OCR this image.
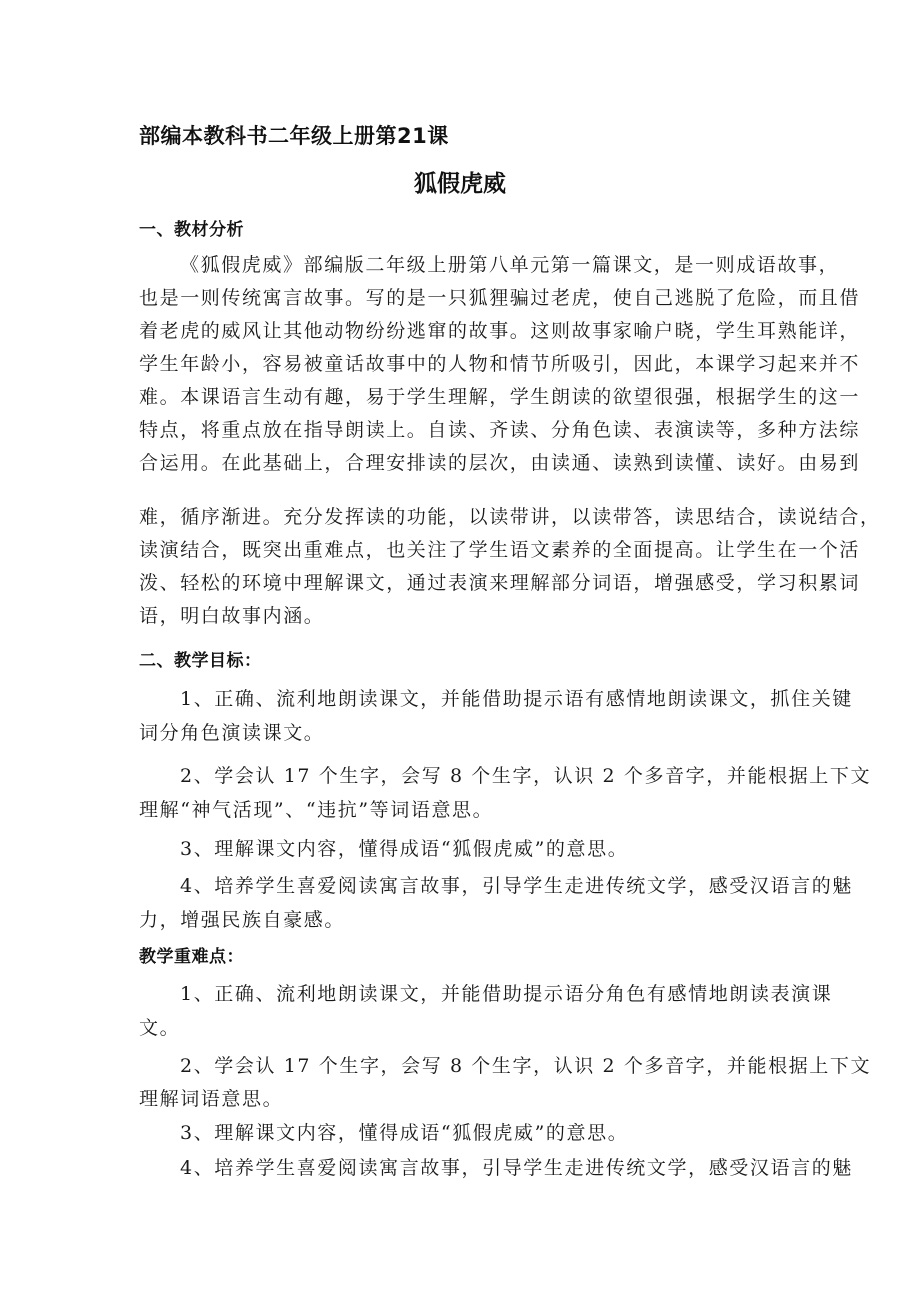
部编本教科书二年级上册第21课
狐假虎威
一、教材分析
《狐假虎威》部编版二年级上册第八单元第一篇课文，是一则成语故事，
也是一则传统寓言故事。写的是一只狐狸骗过老虎，使自己逃脱了危险，而且借
着老虎的威风让其他动物纷纷逃窜的故事。这则故事家喻户晓，学生耳熟能详，
学生年龄小，容易被童话故事中的人物和情节所吸引，因此，本课学习起来并不
难。本课语言生动有趣，易于学生理解，学生朗读的欲望很强，根据学生的这一
特点，将重点放在指导朗读上。自读、齐读、分角色读、表演读等，多种方法综
合运用。在此基础上，合理安排读的层次，由读通、读熟到读懂、读好。由易到
难，循序渐进。充分发挥读的功能，以读带讲，以读带答，读思结合，读说结合，
读演结合，既突出重难点，也关注了学生语文素养的全面提高。让学生在一个活
泼、轻松的环境中理解课文，通过表演来理解部分词语，增强感受，学习积累词
语，明白故事内涵。
二、教学目标：
1、正确、流利地朗读课文，并能借助提示语有感情地朗读课文，抓住关键
词分角色演读课文。
2、学会认 17 个生字，会写 8 个生字，认识 2 个多音字，并能根据上下文
理解“神气活现”、“违抗”等词语意思。
3、理解课文内容，懂得成语“狐假虎威”的意思。
4、培养学生喜爱阅读寓言故事，引导学生走进传统文学，感受汉语言的魅
力，增强民族自豪感。
教学重难点：
1、正确、流利地朗读课文，并能借助提示语分角色有感情地朗读表演课
文。
2、学会认 17 个生字，会写 8 个生字，认识 2 个多音字，并能根据上下文
理解词语意思。
3、理解课文内容，懂得成语“狐假虎威”的意思。
4、培养学生喜爱阅读寓言故事，引导学生走进传统文学，感受汉语言的魅
